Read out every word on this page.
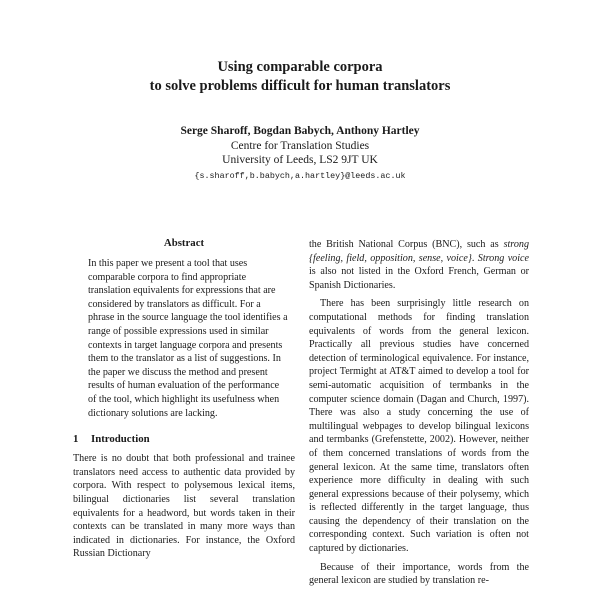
Using comparable corpora
to solve problems difficult for human translators
Serge Sharoff, Bogdan Babych, Anthony Hartley
Centre for Translation Studies
University of Leeds, LS2 9JT UK
{s.sharoff,b.babych,a.hartley}@leeds.ac.uk
Abstract

In this paper we present a tool that uses comparable corpora to find appropriate translation equivalents for expressions that are considered by translators as difficult. For a phrase in the source language the tool identifies a range of possible expressions used in similar contexts in target language corpora and presents them to the translator as a list of suggestions. In the paper we discuss the method and present results of human evaluation of the performance of the tool, which highlight its usefulness when dictionary solutions are lacking.

1 Introduction

There is no doubt that both professional and trainee translators need access to authentic data provided by corpora. With respect to polysemous lexical items, bilingual dictionaries list several translation equivalents for a headword, but words taken in their contexts can be translated in many more ways than indicated in dictionaries. For instance, the Oxford Russian Dictionary

the British National Corpus (BNC), such as strong {feeling, field, opposition, sense, voice}. Strong voice is also not listed in the Oxford French, German or Spanish Dictionaries.

There has been surprisingly little research on computational methods for finding translation equivalents of words from the general lexicon. Practically all previous studies have concerned detection of terminological equivalence. For instance, project Termight at AT&T aimed to develop a tool for semi-automatic acquisition of termbanks in the computer science domain (Dagan and Church, 1997). There was also a study concerning the use of multilingual webpages to develop bilingual lexicons and termbanks (Grefenstette, 2002). However, neither of them concerned translations of words from the general lexicon. At the same time, translators often experience more difficulty in dealing with such general expressions because of their polysemy, which is reflected differently in the target language, thus causing the dependency of their translation on the corresponding context. Such variation is often not captured by dictionaries.

Because of their importance, words from the general lexicon are studied by translation re-
